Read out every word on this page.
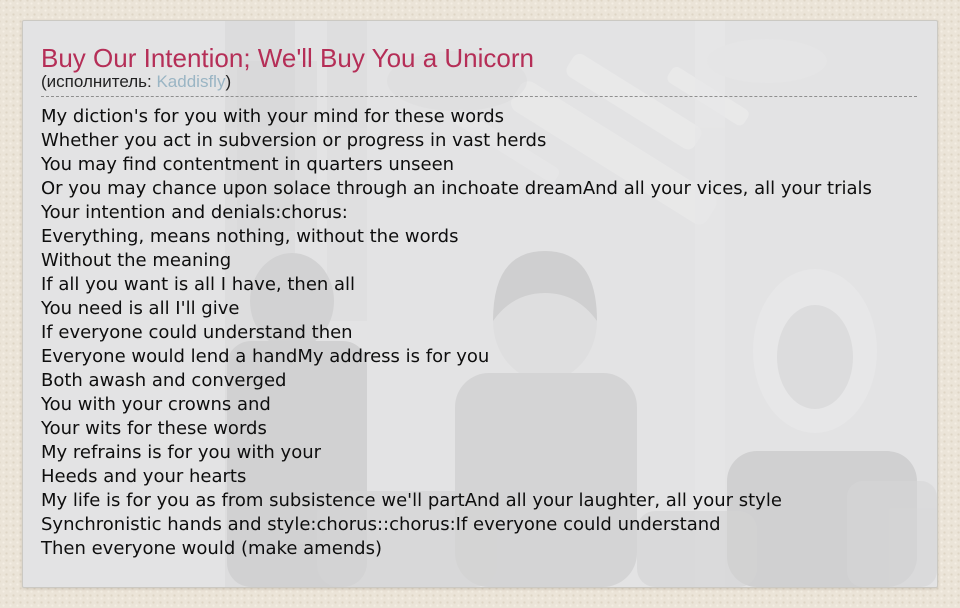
Buy Our Intention; We'll Buy You a Unicorn

(исполнитель: Kaddisfly)

My diction's for you with your mind for these words
Whether you act in subversion or progress in vast herds
You may find contentment in quarters unseen
Or you may chance upon solace through an inchoate dreamAnd all your vices, all your trials
Your intention and denials:chorus:
Everything, means nothing, without the words
Without the meaning
If all you want is all I have, then all
You need is all I'll give
If everyone could understand then
Everyone would lend a handMy address is for you
Both awash and converged
You with your crowns and
Your wits for these words
My refrains is for you with your
Heeds and your hearts
My life is for you as from subsistence we'll partAnd all your laughter, all your style
Synchronistic hands and style:chorus::chorus:If everyone could understand
Then everyone would (make amends)
